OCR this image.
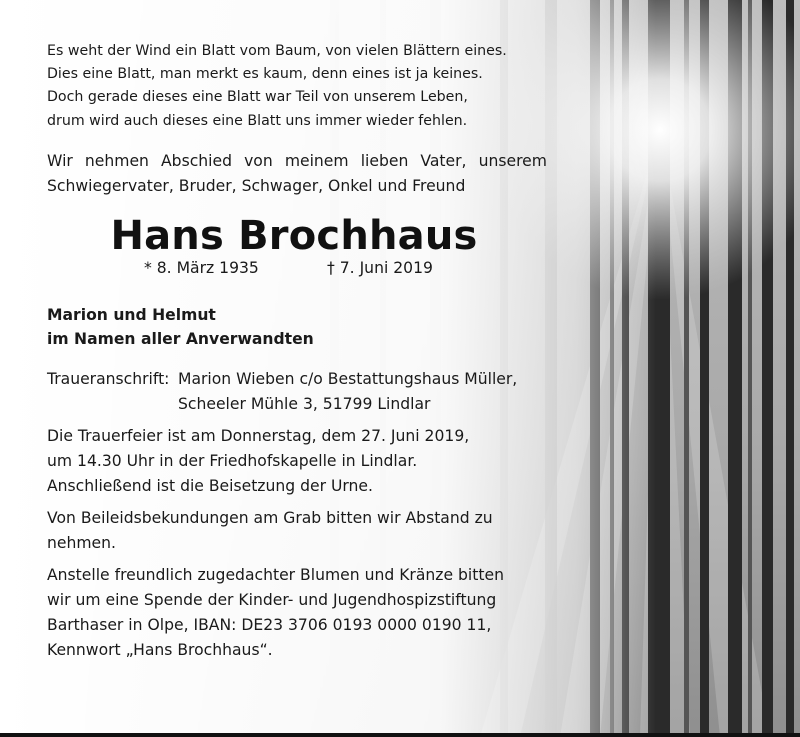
Es weht der Wind ein Blatt vom Baum, von vielen Blättern eines.
Dies eine Blatt, man merkt es kaum, denn eines ist ja keines.
Doch gerade dieses eine Blatt war Teil von unserem Leben,
drum wird auch dieses eine Blatt uns immer wieder fehlen.
Wir nehmen Abschied von meinem lieben Vater, unserem
Schwiegervater, Bruder, Schwager, Onkel und Freund
Hans Brochhaus
* 8. März 1935	† 7. Juni 2019
Marion und Helmut
im Namen aller Anverwandten
Traueranschrift: Marion Wieben c/o Bestattungshaus Müller,
Scheeler Mühle 3, 51799 Lindlar
Die Trauerfeier ist am Donnerstag, dem 27. Juni 2019,
um 14.30 Uhr in der Friedhofskapelle in Lindlar.
Anschließend ist die Beisetzung der Urne.
Von Beileidsbekundungen am Grab bitten wir Abstand zu
nehmen.
Anstelle freundlich zugedachter Blumen und Kränze bitten
wir um eine Spende der Kinder- und Jugendhospizstiftung
Barthaser in Olpe, IBAN: DE23 3706 0193 0000 0190 11,
Kennwort „Hans Brochhaus“.
